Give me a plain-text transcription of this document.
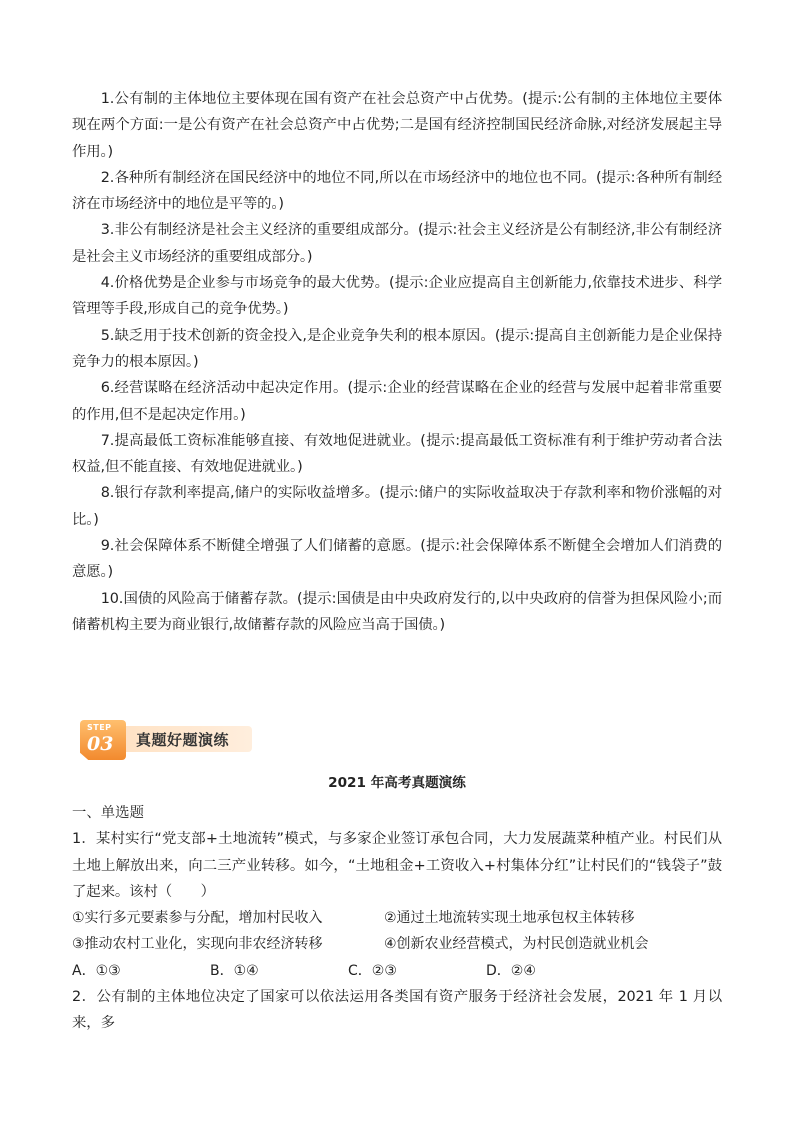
1.公有制的主体地位主要体现在国有资产在社会总资产中占优势。(提示:公有制的主体地位主要体现在两个方面:一是公有资产在社会总资产中占优势;二是国有经济控制国民经济命脉,对经济发展起主导作用。)

2.各种所有制经济在国民经济中的地位不同,所以在市场经济中的地位也不同。(提示:各种所有制经济在市场经济中的地位是平等的。)

3.非公有制经济是社会主义经济的重要组成部分。(提示:社会主义经济是公有制经济,非公有制经济是社会主义市场经济的重要组成部分。)

4.价格优势是企业参与市场竞争的最大优势。(提示:企业应提高自主创新能力,依靠技术进步、科学管理等手段,形成自己的竞争优势。)

5.缺乏用于技术创新的资金投入,是企业竞争失利的根本原因。(提示:提高自主创新能力是企业保持竞争力的根本原因。)

6.经营谋略在经济活动中起决定作用。(提示:企业的经营谋略在企业的经营与发展中起着非常重要的作用,但不是起决定作用。)

7.提高最低工资标准能够直接、有效地促进就业。(提示:提高最低工资标准有利于维护劳动者合法权益,但不能直接、有效地促进就业。)

8.银行存款利率提高,储户的实际收益增多。(提示:储户的实际收益取决于存款利率和物价涨幅的对比。)

9.社会保障体系不断健全增强了人们储蓄的意愿。(提示:社会保障体系不断健全会增加人们消费的意愿。)

10.国债的风险高于储蓄存款。(提示:国债是由中央政府发行的,以中央政府的信誉为担保风险小;而储蓄机构主要为商业银行,故储蓄存款的风险应当高于国债。)

STEP
03 真题好题演练

2021 年高考真题演练

一、单选题

1．某村实行“党支部+土地流转”模式，与多家企业签订承包合同，大力发展蔬菜种植产业。村民们从土地上解放出来，向二三产业转移。如今，“土地租金+工资收入+村集体分红”让村民们的“钱袋子”鼓了起来。该村（　　）

①实行多元要素参与分配，增加村民收入	②通过土地流转实现土地承包权主体转移
③推动农村工业化，实现向非农经济转移	④创新农业经营模式，为村民创造就业机会
A．①③	B．①④	C．②③	D．②④

2．公有制的主体地位决定了国家可以依法运用各类国有资产服务于经济社会发展，2021 年 1 月以来，多
